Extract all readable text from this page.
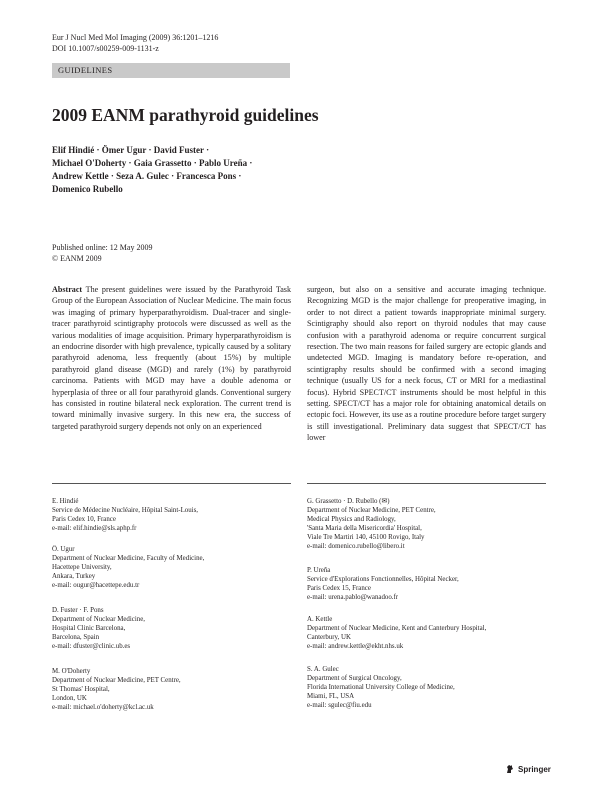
Eur J Nucl Med Mol Imaging (2009) 36:1201–1216
DOI 10.1007/s00259-009-1131-z
GUIDELINES
2009 EANM parathyroid guidelines
Elif Hindié · Ömer Ugur · David Fuster ·
Michael O'Doherty · Gaia Grassetto · Pablo Ureña ·
Andrew Kettle · Seza A. Gulec · Francesca Pons ·
Domenico Rubello
Published online: 12 May 2009
© EANM 2009

Abstract The present guidelines were issued by the Parathyroid Task Group of the European Association of Nuclear Medicine. The main focus was imaging of primary hyperparathyroidism. Dual-tracer and single-tracer parathyroid scintigraphy protocols were discussed as well as the various modalities of image acquisition. Primary hyperparathyroidism is an endocrine disorder with high prevalence, typically caused by a solitary parathyroid adenoma, less frequently (about 15%) by multiple parathyroid gland disease (MGD) and rarely (1%) by parathyroid carcinoma. Patients with MGD may have a double adenoma or hyperplasia of three or all four parathyroid glands. Conventional surgery has consisted in routine bilateral neck exploration. The current trend is toward minimally invasive surgery. In this new era, the success of targeted parathyroid surgery depends not only on an experienced

surgeon, but also on a sensitive and accurate imaging technique. Recognizing MGD is the major challenge for preoperative imaging, in order to not direct a patient towards inappropriate minimal surgery. Scintigraphy should also report on thyroid nodules that may cause confusion with a parathyroid adenoma or require concurrent surgical resection. The two main reasons for failed surgery are ectopic glands and undetected MGD. Imaging is mandatory before re-operation, and scintigraphy results should be confirmed with a second imaging technique (usually US for a neck focus, CT or MRI for a mediastinal focus). Hybrid SPECT/CT instruments should be most helpful in this setting. SPECT/CT has a major role for obtaining anatomical details on ectopic foci. However, its use as a routine procedure before target surgery is still investigational. Preliminary data suggest that SPECT/CT has lower

E. Hindié

Service de Médecine Nucléaire, Hôpital Saint-Louis,

Paris Cedex 10, France

e-mail: elif.hindie@sls.aphp.fr

Ö. Ugur

Department of Nuclear Medicine, Faculty of Medicine,

Hacettepe University,

Ankara, Turkey

e-mail: ougur@hacettepe.edu.tr

D. Fuster · F. Pons

Department of Nuclear Medicine,

Hospital Clinic Barcelona,

Barcelona, Spain

e-mail: dfuster@clinic.ub.es

M. O'Doherty

Department of Nuclear Medicine, PET Centre,

St Thomas' Hospital,

London, UK

e-mail: michael.o'doherty@kcl.ac.uk

G. Grassetto · D. Rubello (✉)

Department of Nuclear Medicine, PET Centre,

Medical Physics and Radiology,

'Santa Maria della Misericordia' Hospital,

Viale Tre Martiri 140, 45100 Rovigo, Italy

e-mail: domenico.rubello@libero.it

P. Ureña

Service d'Explorations Fonctionnelles, Hôpital Necker,

Paris Cedex 15, France

e-mail: urena.pablo@wanadoo.fr

A. Kettle

Department of Nuclear Medicine, Kent and Canterbury Hospital,

Canterbury, UK

e-mail: andrew.kettle@ekht.nhs.uk

S. A. Gulec

Department of Surgical Oncology,

Florida International University College of Medicine,

Miami, FL, USA

e-mail: sgulec@fiu.edu

Springer
